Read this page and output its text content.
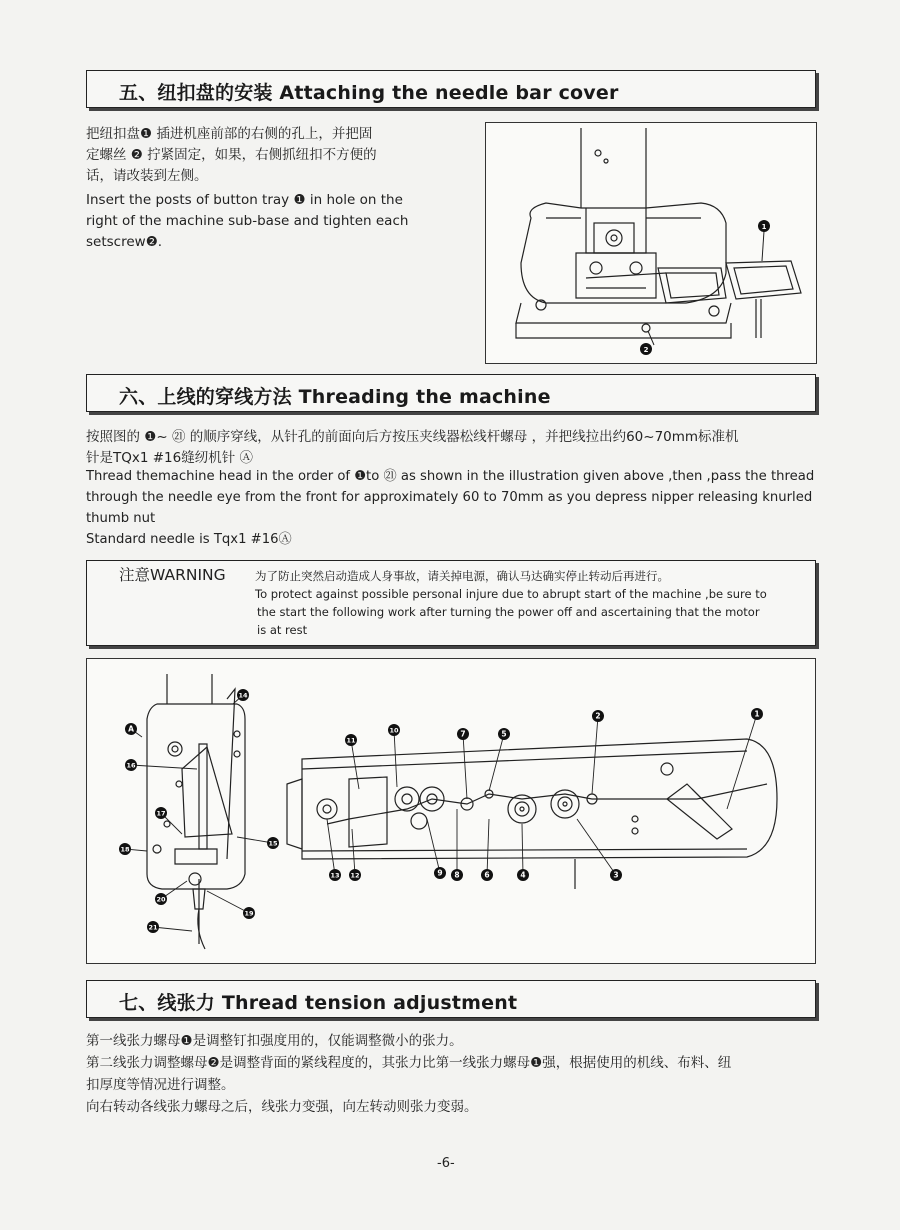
五、纽扣盘的安装 Attaching the needle bar cover
把纽扣盘❶ 插进机座前部的右侧的孔上，并把固
定螺丝 ❷ 拧紧固定，如果，右侧抓纽扣不方便的
话，请改装到左侧。
Insert the posts of button tray ❶ in hole on the
right of the machine sub-base and tighten each
setscrew❷.
1
2
六、上线的穿线方法 Threading the machine
按照图的 ❶~ ㉑ 的顺序穿线，从针孔的前面向后方按压夹线器松线杆螺母 ，并把线拉出约60~70mm标准机
针是TQx1 #16缝纫机针 Ⓐ
Thread themachine head in the order of ❶to ㉑ as shown in the illustration given above ,then ,pass the thread
through the needle eye from the front for approximately 60 to 70mm as you depress nipper releasing knurled
thumb nut
Standard needle is Tqx1 #16Ⓐ
注意WARNING	为了防止突然启动造成人身事故，请关掉电源，确认马达确实停止转动后再进行。
To protect against possible personal injure due to abrupt start of the machine ,be sure to
the start the following work after turning the power off and ascertaining that the motor
is at rest
A
14
16
17
15
18
20
19
21
11
10	7	5
2	1
13 12	9 8	6	4	3
七、线张力 Thread tension adjustment
第一线张力螺母❶是调整钉扣强度用的，仅能调整微小的张力。
第二线张力调整螺母❷是调整背面的紧线程度的，其张力比第一线张力螺母❶强，根据使用的机线、布料、纽
扣厚度等情况进行调整。
向右转动各线张力螺母之后，线张力变强，向左转动则张力变弱。
-6-
